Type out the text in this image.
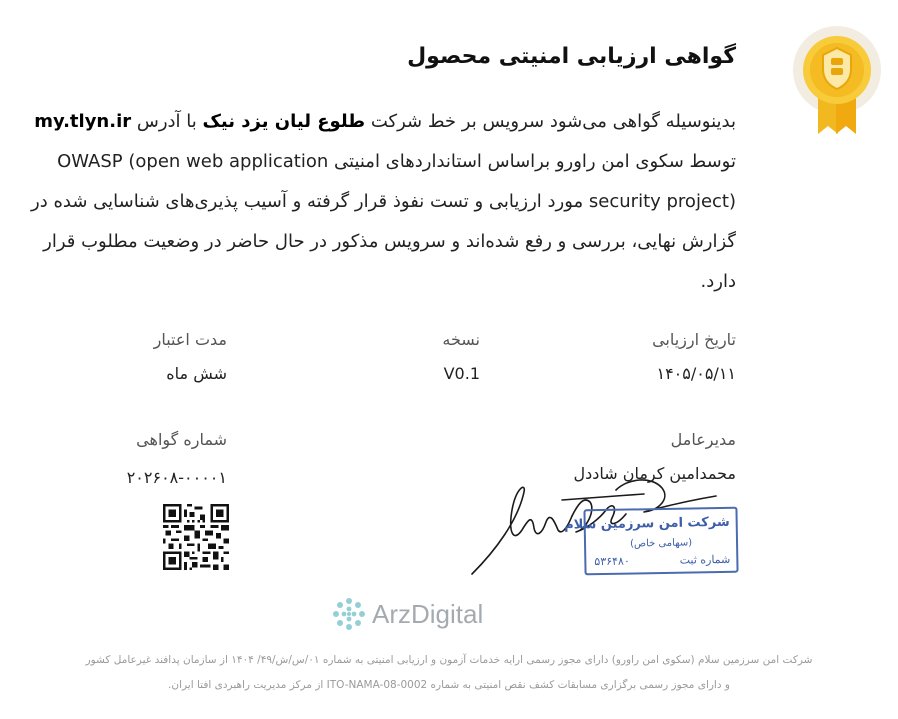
گواهی ارزیابی امنیتی محصول
بدینوسیله گواهی می‌شود سرویس بر خط شرکت طلوع لیان یزد نیک با آدرس my.tlyn.ir توسط سکوی امن راورو براساس استانداردهای امنیتی OWASP (open web application security project) مورد ارزیابی و تست نفوذ قرار گرفته و آسیب پذیری‌های شناسایی شده در گزارش نهایی، بررسی و رفع شده‌اند و سرویس مذکور در حال حاضر در وضعیت مطلوب قرار دارد.
تاریخ ارزیابی
۱۴۰۵/۰۵/۱۱
نسخه
V0.1
مدت اعتبار
شش ماه
مدیرعامل
محمدامین کرمان شاددل
شماره گواهی
۲۰۲۶۰۸-۰۰۰۰۱
شرکت امن سرزمین سلام
(سهامی خاص)
شماره ثبت
۵۳۶۴۸۰
ArzDigital
شرکت امن سرزمین سلام (سکوی امن راورو) دارای مجوز رسمی ارایه خدمات آزمون و ارزیابی امنیتی به شماره ۰۱/س/ش/۴۹/ ۱۴۰۴ از سازمان پدافند غیرعامل کشور
و دارای مجوز رسمی برگزاری مسابقات کشف نقص امنیتی به شماره ITO-NAMA-08-0002 از مرکز مدیریت راهبردی افتا ایران.
